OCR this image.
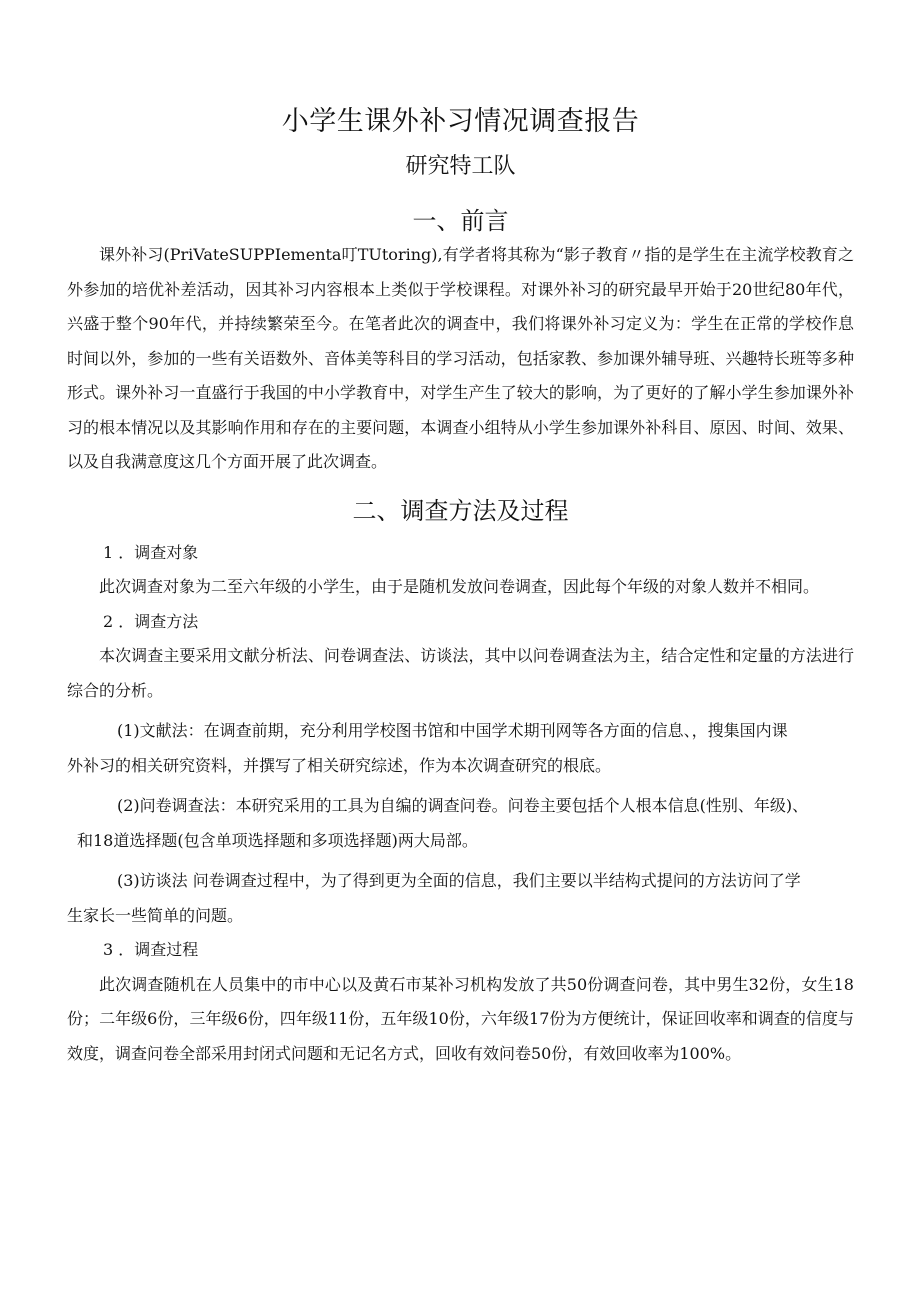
小学生课外补习情况调查报告
研究特工队
一、前言

课外补习(PriVateSUPPIementa叮TUtoring),有学者将其称为“影子教育〃指的是学生在主流学校教育之外参加的培优补差活动，因其补习内容根本上类似于学校课程。对课外补习的研究最早开始于20世纪80年代，兴盛于整个90年代，并持续繁荣至今。在笔者此次的调查中，我们将课外补习定义为：学生在正常的学校作息时间以外，参加的一些有关语数外、音体美等科目的学习活动，包括家教、参加课外辅导班、兴趣特长班等多种形式。课外补习一直盛行于我国的中小学教育中，对学生产生了较大的影响，为了更好的了解小学生参加课外补习的根本情况以及其影响作用和存在的主要问题，本调查小组特从小学生参加课外补科目、原因、时间、效果、以及自我满意度这几个方面开展了此次调查。

二、调查方法及过程

1 ．调查对象

此次调查对象为二至六年级的小学生，由于是随机发放问卷调查，因此每个年级的对象人数并不相同。

2 ．调查方法

本次调查主要采用文献分析法、问卷调查法、访谈法，其中以问卷调查法为主，结合定性和定量的方法进行综合的分析。

(1)文献法：在调查前期，充分利用学校图书馆和中国学术期刊网等各方面的信息、，搜集国内课

外补习的相关研究资料，并撰写了相关研究综述，作为本次调查研究的根底。

(2)问卷调查法：本研究采用的工具为自编的调查问卷。问卷主要包括个人根本信息(性别、年级)、

和18道选择题(包含单项选择题和多项选择题)两大局部。

(3)访谈法 问卷调查过程中，为了得到更为全面的信息，我们主要以半结构式提问的方法访问了学

生家长一些简单的问题。

3 ．调查过程

此次调查随机在人员集中的市中心以及黄石市某补习机构发放了共50份调查问卷，其中男生32份，女生18份；二年级6份，三年级6份，四年级11份，五年级10份，六年级17份为方便统计，保证回收率和调查的信度与效度，调查问卷全部采用封闭式问题和无记名方式，回收有效问卷50份，有效回收率为100%。
